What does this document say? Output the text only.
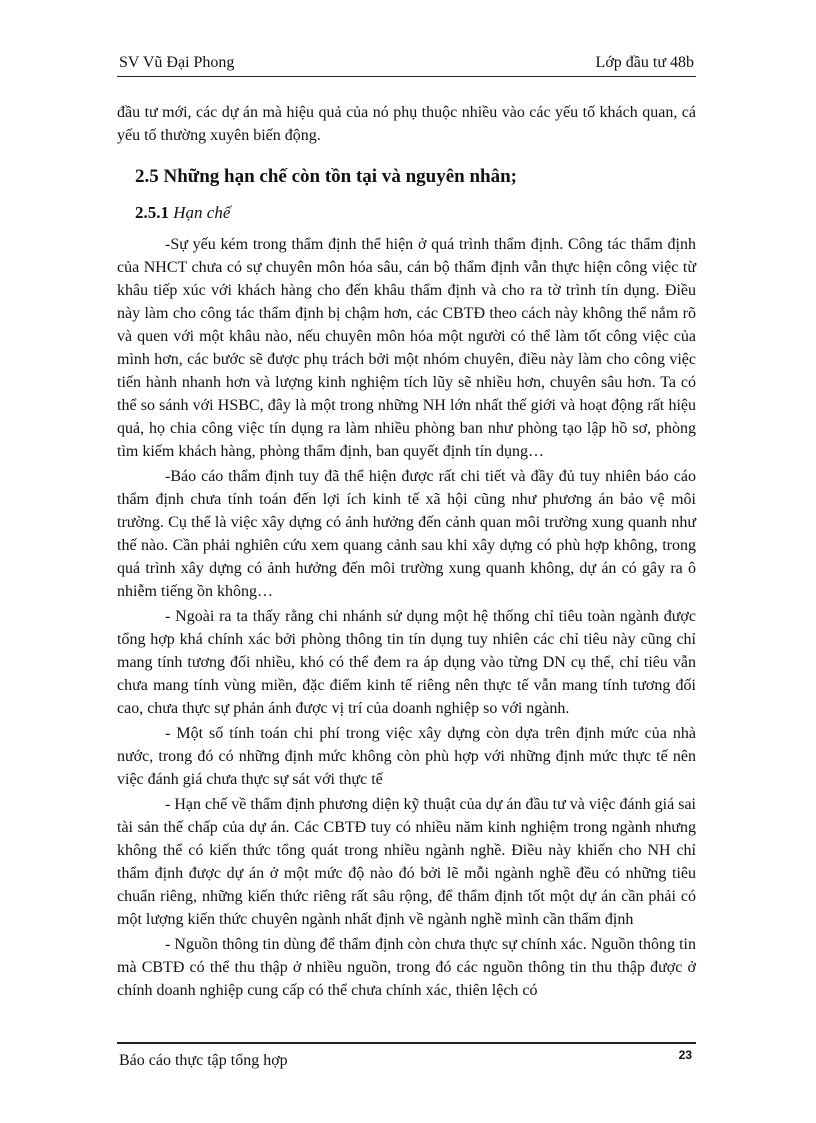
SV Vũ Đại Phong	Lớp đầu tư 48b

đầu tư mới, các dự án mà hiệu quả của nó phụ thuộc nhiều vào các yếu tố khách quan, cá yếu tố thường xuyên biến động.

2.5 Những hạn chế còn tồn tại và nguyên nhân;
2.5.1 Hạn chế

-Sự yếu kém trong thẩm định thể hiện ở quá trình thẩm định. Công tác thẩm định của NHCT chưa có sự chuyên môn hóa sâu, cán bộ thẩm định vẫn thực hiện công việc từ khâu tiếp xúc với khách hàng cho đến khâu thẩm định và cho ra tờ trình tín dụng. Điều này làm cho công tác thẩm định bị chậm hơn, các CBTĐ theo cách này không thể nắm rõ và quen với một khâu nào, nếu chuyên môn hóa một người có thể làm tốt công việc của mình hơn, các bước sẽ được phụ trách bởi một nhóm chuyên, điều này làm cho công việc tiến hành nhanh hơn và lượng kinh nghiệm tích lũy sẽ nhiều hơn, chuyên sâu hơn. Ta có thể so sánh với HSBC, đây là một trong những NH lớn nhất thế giới và hoạt động rất hiệu quả, họ chia công việc tín dụng ra làm nhiều phòng ban như phòng tạo lập hồ sơ, phòng tìm kiếm khách hàng, phòng thẩm định, ban quyết định tín dụng…

-Báo cáo thẩm định tuy đã thể hiện được rất chi tiết và đầy đủ tuy nhiên báo cáo thẩm định chưa tính toán đến lợi ích kinh tế xã hội cũng như phương án bảo vệ môi trường. Cụ thể là việc xây dựng có ảnh hưởng đến cảnh quan môi trường xung quanh như thế nào. Cần phải nghiên cứu xem quang cảnh sau khi xây dựng có phù hợp không, trong quá trình xây dựng có ảnh hưởng đến môi trường xung quanh không, dự án có gây ra ô nhiễm tiếng ồn không…

- Ngoài ra ta thấy rằng chi nhánh sử dụng một hệ thống chỉ tiêu toàn ngành được tổng hợp khá chính xác bởi phòng thông tin tín dụng tuy nhiên các chỉ tiêu này cũng chỉ mang tính tương đối nhiều, khó có thể đem ra áp dụng vào từng DN cụ thể, chỉ tiêu vẫn chưa mang tính vùng miền, đặc điểm kinh tế riêng nên thực tế vẫn mang tính tương đối cao, chưa thực sự phản ánh được vị trí của doanh nghiệp so với ngành.

- Một số tính toán chi phí trong việc xây dựng còn dựa trên định mức của nhà nước, trong đó có những định mức không còn phù hợp với những định mức thực tế nên việc đánh giá chưa thực sự sát với thực tế

- Hạn chế về thẩm định phương diện kỹ thuật của dự án đầu tư và việc đánh giá sai tài sản thế chấp của dự án. Các CBTĐ tuy có nhiều năm kinh nghiệm trong ngành nhưng không thể có kiến thức tổng quát trong nhiều ngành nghề. Điều này khiến cho NH chỉ thẩm định được dự án ở một mức độ nào đó bởi lẽ mỗi ngành nghề đều có những tiêu chuẩn riêng, những kiến thức riêng rất sâu rộng, để thẩm định tốt một dự án cần phải có một lượng kiến thức chuyên ngành nhất định về ngành nghề mình cần thẩm định

- Nguồn thông tin dùng để thẩm định còn chưa thực sự chính xác. Nguồn thông tin mà CBTĐ có thể thu thập ở nhiều nguồn, trong đó các nguồn thông tin thu thập được ở chính doanh nghiệp cung cấp có thể chưa chính xác, thiên lệch có

Báo cáo thực tập tổng hợp	23
